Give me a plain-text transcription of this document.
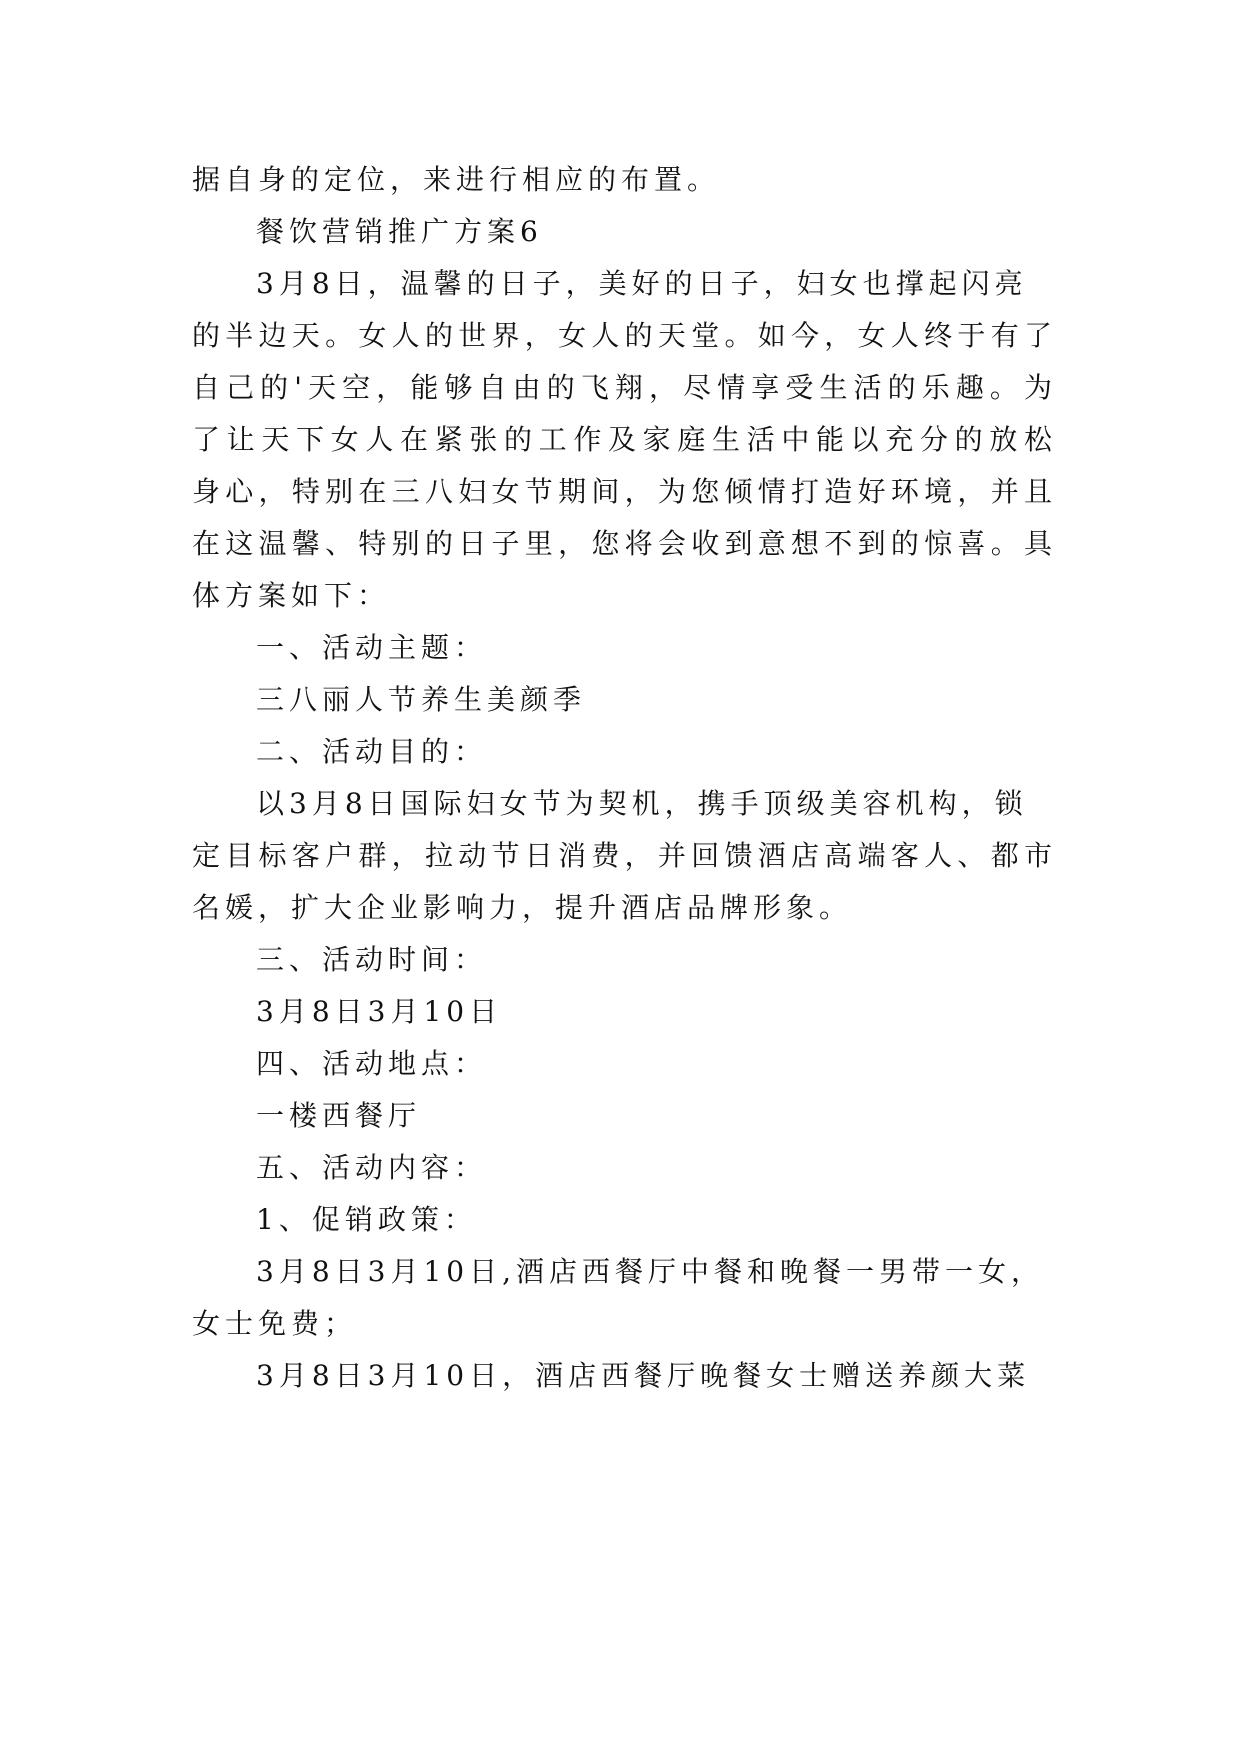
据自身的定位，来进行相应的布置。
餐饮营销推广方案6
3月8日，温馨的日子，美好的日子，妇女也撑起闪亮
的半边天。女人的世界，女人的天堂。如今，女人终于有了
自己的'天空，能够自由的飞翔，尽情享受生活的乐趣。为
了让天下女人在紧张的工作及家庭生活中能以充分的放松
身心，特别在三八妇女节期间，为您倾情打造好环境，并且
在这温馨、特别的日子里，您将会收到意想不到的惊喜。具
体方案如下：
一、活动主题：
三八丽人节养生美颜季
二、活动目的：
以3月8日国际妇女节为契机，携手顶级美容机构，锁
定目标客户群，拉动节日消费，并回馈酒店高端客人、都市
名媛，扩大企业影响力，提升酒店品牌形象。
三、活动时间：
3月8日3月10日
四、活动地点：
一楼西餐厅
五、活动内容：
1、促销政策：
3月8日3月10日,酒店西餐厅中餐和晚餐一男带一女，
女士免费；
3月8日3月10日，酒店西餐厅晚餐女士赠送养颜大菜
